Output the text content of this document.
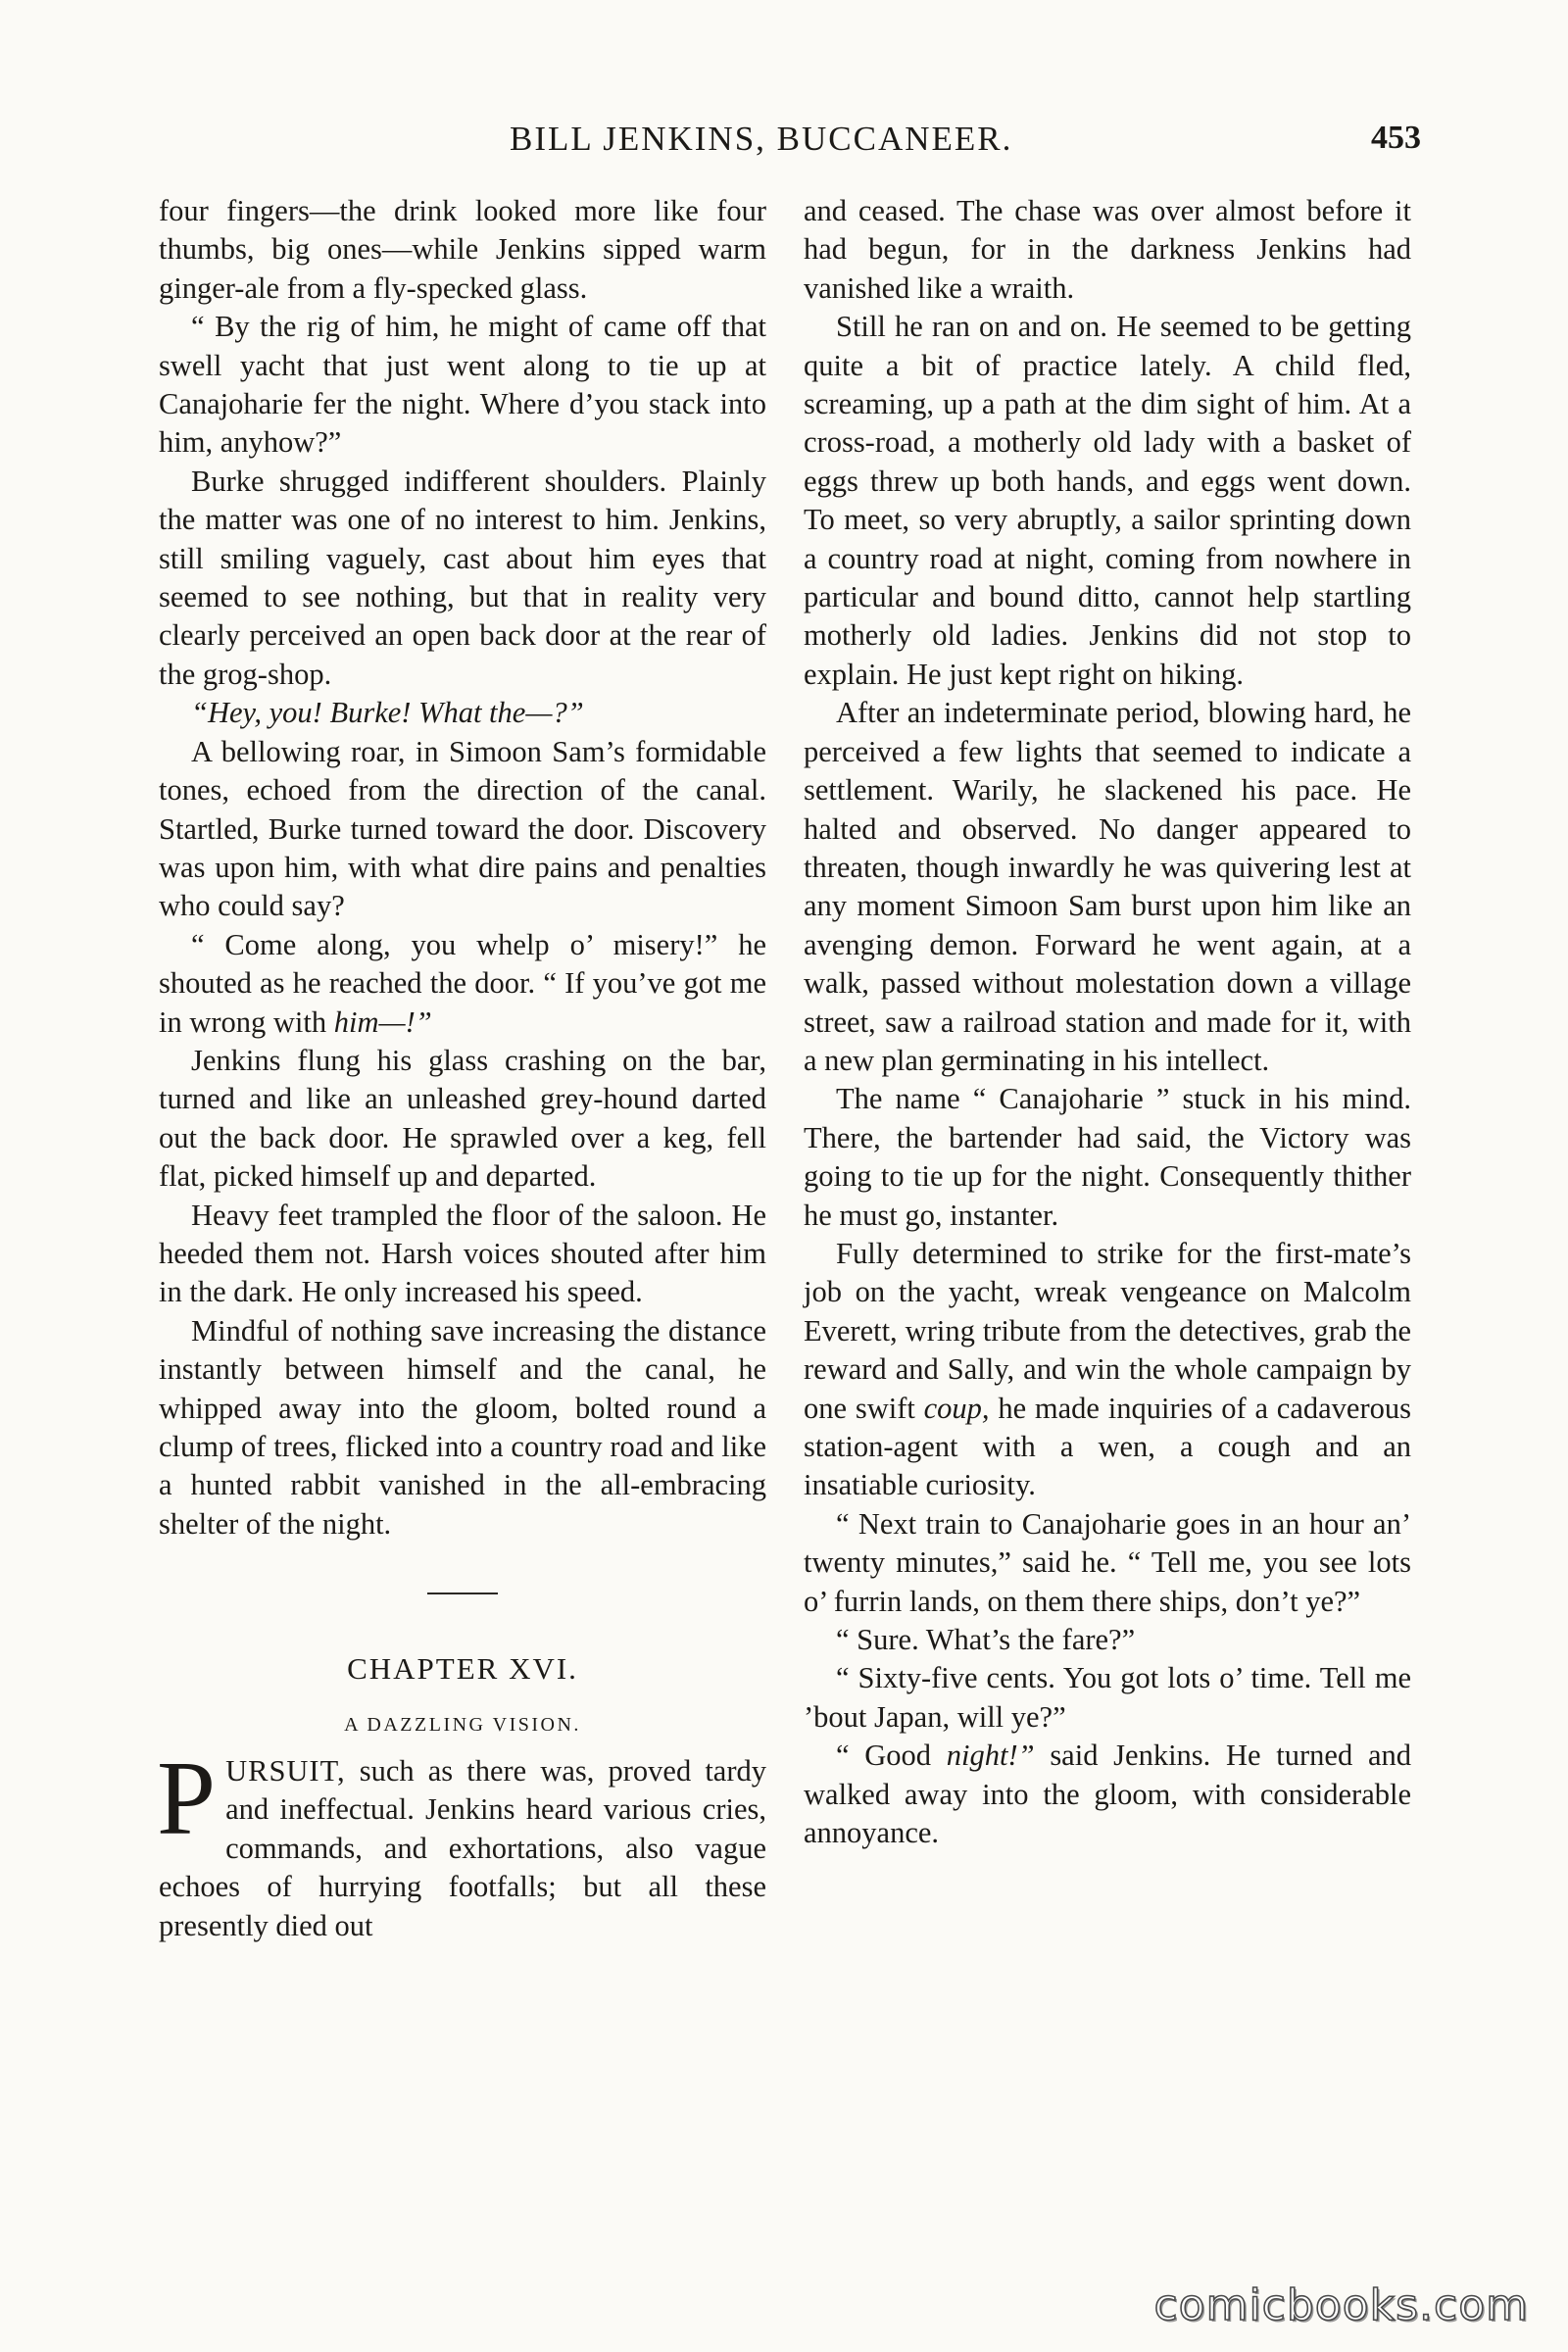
BILL JENKINS, BUCCANEER.	453

four fingers—the drink looked more like four thumbs, big ones—while Jenkins sipped warm ginger-ale from a fly-specked glass.

“ By the rig of him, he might of came off that swell yacht that just went along to tie up at Canajoharie fer the night. Where d’you stack into him, anyhow?”

Burke shrugged indifferent shoulders. Plainly the matter was one of no interest to him. Jenkins, still smiling vaguely, cast about him eyes that seemed to see nothing, but that in reality very clearly perceived an open back door at the rear of the grog-shop.

“Hey, you! Burke! What the—?”

A bellowing roar, in Simoon Sam’s formidable tones, echoed from the direction of the canal. Startled, Burke turned toward the door. Discovery was upon him, with what dire pains and penalties who could say?

“ Come along, you whelp o’ misery!” he shouted as he reached the door. “ If you’ve got me in wrong with him—!”

Jenkins flung his glass crashing on the bar, turned and like an unleashed grey-hound darted out the back door. He sprawled over a keg, fell flat, picked himself up and departed.

Heavy feet trampled the floor of the saloon. He heeded them not. Harsh voices shouted after him in the dark. He only increased his speed.

Mindful of nothing save increasing the distance instantly between himself and the canal, he whipped away into the gloom, bolted round a clump of trees, flicked into a country road and like a hunted rabbit vanished in the all-embracing shelter of the night.

CHAPTER XVI.
A DAZZLING VISION.

PURSUIT, such as there was, proved tardy and ineffectual. Jenkins heard various cries, commands, and exhortations, also vague echoes of hurrying footfalls; but all these presently died out

and ceased. The chase was over almost before it had begun, for in the darkness Jenkins had vanished like a wraith.

Still he ran on and on. He seemed to be getting quite a bit of practice lately. A child fled, screaming, up a path at the dim sight of him. At a cross-road, a motherly old lady with a basket of eggs threw up both hands, and eggs went down. To meet, so very abruptly, a sailor sprinting down a country road at night, coming from nowhere in particular and bound ditto, cannot help startling motherly old ladies. Jenkins did not stop to explain. He just kept right on hiking.

After an indeterminate period, blowing hard, he perceived a few lights that seemed to indicate a settlement. Warily, he slackened his pace. He halted and observed. No danger appeared to threaten, though inwardly he was quivering lest at any moment Simoon Sam burst upon him like an avenging demon. Forward he went again, at a walk, passed without molestation down a village street, saw a railroad station and made for it, with a new plan germinating in his intellect.

The name “ Canajoharie ” stuck in his mind. There, the bartender had said, the Victory was going to tie up for the night. Consequently thither he must go, instanter.

Fully determined to strike for the first-mate’s job on the yacht, wreak vengeance on Malcolm Everett, wring tribute from the detectives, grab the reward and Sally, and win the whole campaign by one swift coup, he made inquiries of a cadaverous station-agent with a wen, a cough and an insatiable curiosity.

“ Next train to Canajoharie goes in an hour an’ twenty minutes,” said he. “ Tell me, you see lots o’ furrin lands, on them there ships, don’t ye?”

“ Sure. What’s the fare?”

“ Sixty-five cents. You got lots o’ time. Tell me ’bout Japan, will ye?”

“ Good night!” said Jenkins. He turned and walked away into the gloom, with considerable annoyance.

comicbooks.com
